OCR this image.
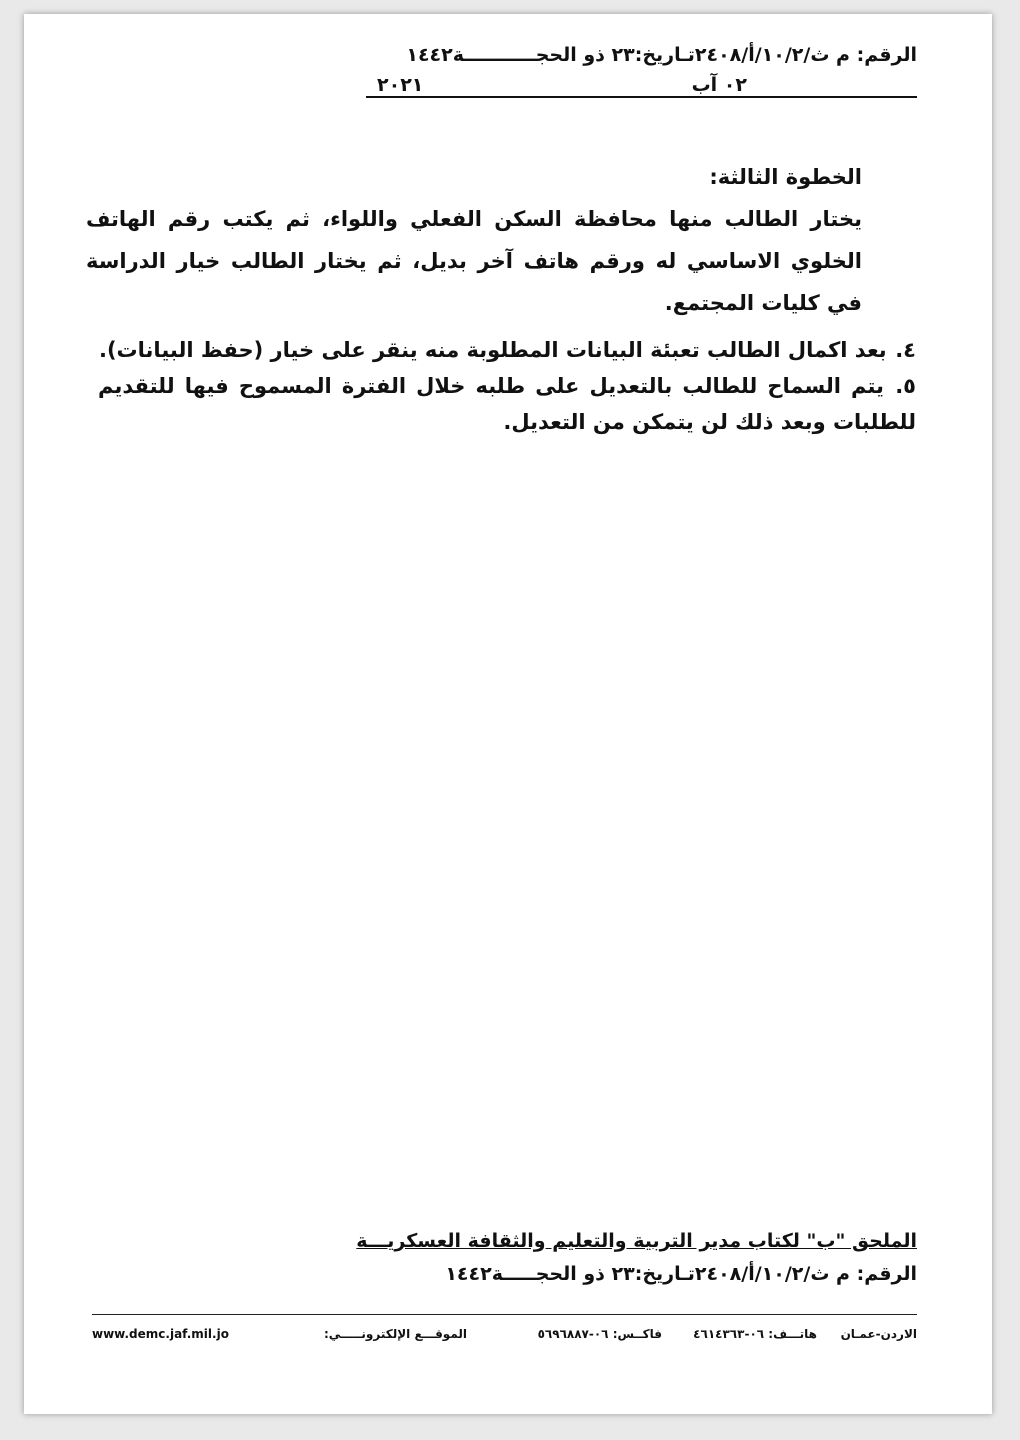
الرقم: م ث/١٠/٢/أ/٢٤٠٨تـاريخ:٢٣ ذو الحجـــــــــــة١٤٤٢
٠٢ آب
٢٠٢١
الخطوة الثالثة:

يختار الطالب منها محافظة السكن الفعلي واللواء، ثم يكتب رقم الهاتف الخلوي الاساسي له ورقم هاتف آخر بديل، ثم يختار الطالب خيار الدراسة في كليات المجتمع.

٤. بعد اكمال الطالب تعبئة البيانات المطلوبة منه ينقر على خيار (حفظ البيانات).
٥. يتم السماح للطالب بالتعديل على طلبه خلال الفترة المسموح فيها للتقديم للطلبات وبعد ذلك لن يتمكن من التعديل.
الملحق "ب" لكتاب مدير التربية والتعليم والثقافة العسكريـــة
الرقم: م ث/١٠/٢/أ/٢٤٠٨تـاريخ:٢٣ ذو الحجـــــة١٤٤٢
الاردن-عمـان
هاتـــف: ٠٦-٤٦١٤٣٦٣
فاكــس: ٠٦-٥٦٩٦٨٨٧
الموقـــع الإلكترونـــــي:
www.demc.jaf.mil.jo
